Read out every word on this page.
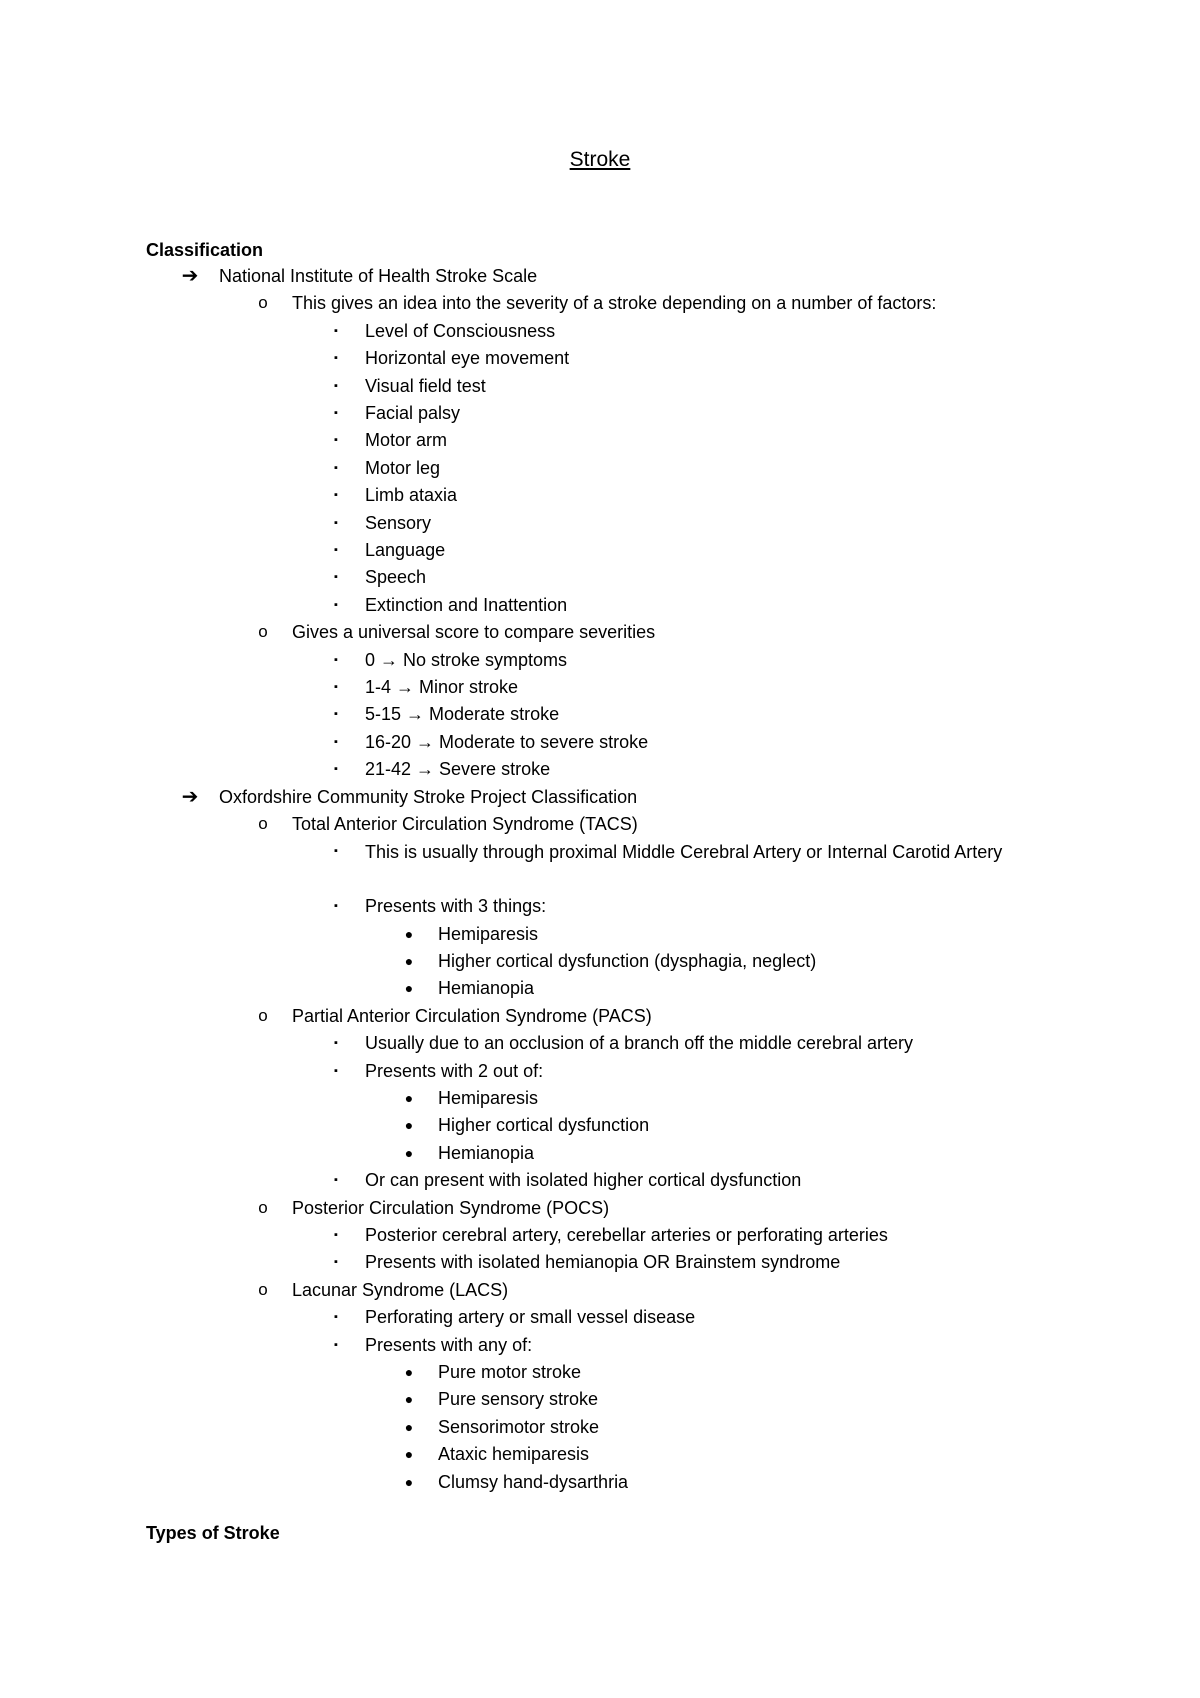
Stroke
Classification
➔ National Institute of Health Stroke Scale
o This gives an idea into the severity of a stroke depending on a number of factors:
▪	Level of Consciousness
▪	Horizontal eye movement
▪	Visual field test
▪	Facial palsy
▪	Motor arm
▪	Motor leg
▪	Limb ataxia
▪	Sensory
▪	Language
▪	Speech
▪	Extinction and Inattention
o Gives a universal score to compare severities
▪	0 → No stroke symptoms
▪	1-4 → Minor stroke
▪	5-15 → Moderate stroke
▪	16-20 → Moderate to severe stroke
▪	21-42 → Severe stroke
➔ Oxfordshire Community Stroke Project Classification
o Total Anterior Circulation Syndrome (TACS)
▪	This is usually through proximal Middle Cerebral Artery or Internal Carotid Artery
▪	Presents with 3 things:
●	Hemiparesis
●	Higher cortical dysfunction (dysphagia, neglect)
●	Hemianopia
o Partial Anterior Circulation Syndrome (PACS)
▪	Usually due to an occlusion of a branch off the middle cerebral artery
▪	Presents with 2 out of:
●	Hemiparesis
●	Higher cortical dysfunction
●	Hemianopia
▪	Or can present with isolated higher cortical dysfunction
o Posterior Circulation Syndrome (POCS)
▪	Posterior cerebral artery, cerebellar arteries or perforating arteries
▪	Presents with isolated hemianopia OR Brainstem syndrome
o Lacunar Syndrome (LACS)
▪	Perforating artery or small vessel disease
▪	Presents with any of:
●	Pure motor stroke
●	Pure sensory stroke
●	Sensorimotor stroke
●	Ataxic hemiparesis
●	Clumsy hand-dysarthria
Types of Stroke
